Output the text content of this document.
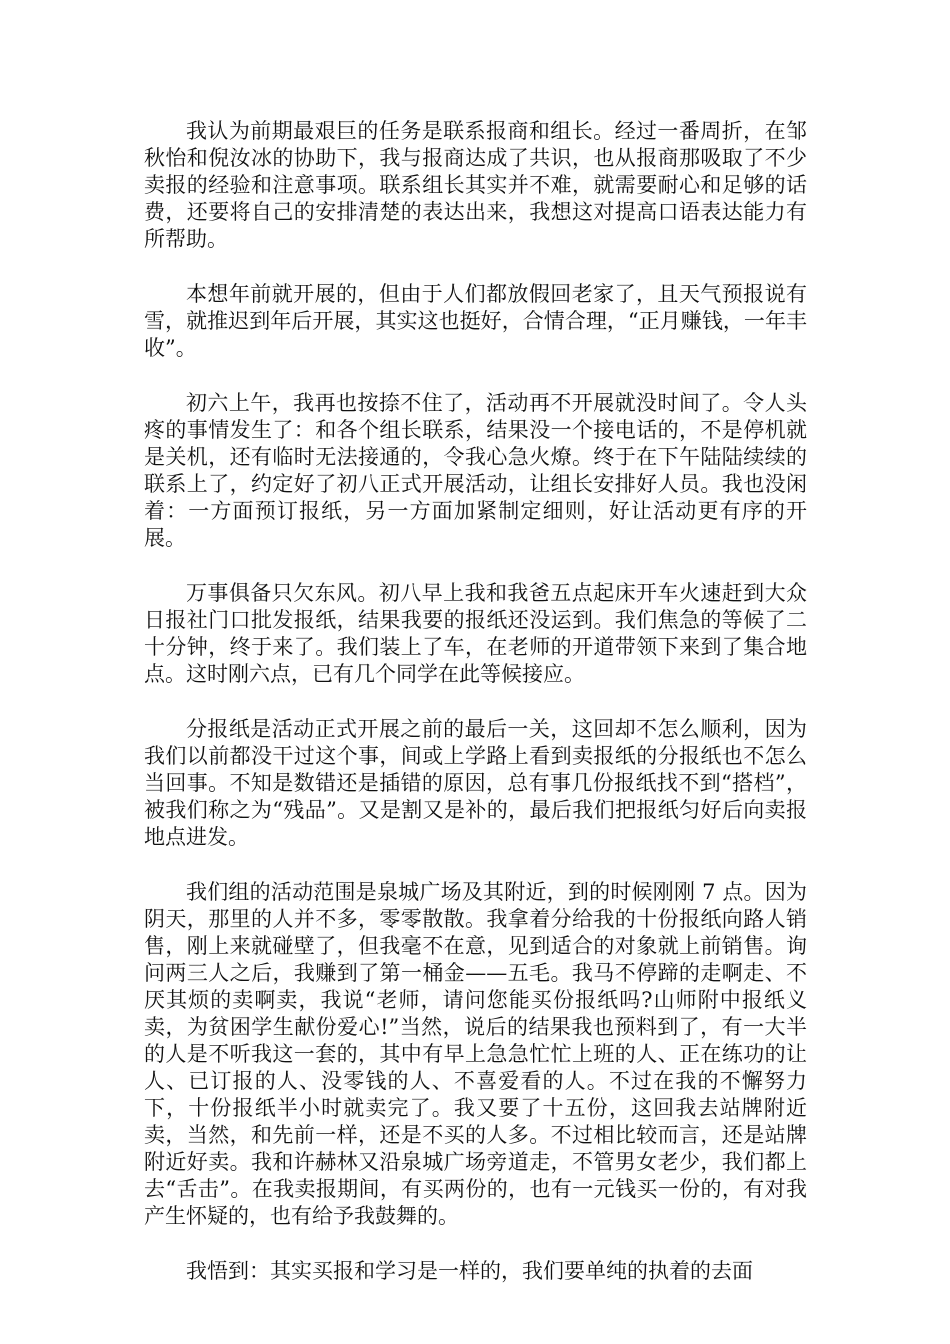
我认为前期最艰巨的任务是联系报商和组长。经过一番周折，在邹秋怡和倪汝冰的协助下，我与报商达成了共识，也从报商那吸取了不少卖报的经验和注意事项。联系组长其实并不难，就需要耐心和足够的话费，还要将自己的安排清楚的表达出来，我想这对提高口语表达能力有所帮助。

本想年前就开展的，但由于人们都放假回老家了，且天气预报说有雪，就推迟到年后开展，其实这也挺好，合情合理，“正月赚钱，一年丰收”。

初六上午，我再也按捺不住了，活动再不开展就没时间了。令人头疼的事情发生了：和各个组长联系，结果没一个接电话的，不是停机就是关机，还有临时无法接通的，令我心急火燎。终于在下午陆陆续续的联系上了，约定好了初八正式开展活动，让组长安排好人员。我也没闲着：一方面预订报纸，另一方面加紧制定细则，好让活动更有序的开展。

万事俱备只欠东风。初八早上我和我爸五点起床开车火速赶到大众日报社门口批发报纸，结果我要的报纸还没运到。我们焦急的等候了二十分钟，终于来了。我们装上了车，在老师的开道带领下来到了集合地点。这时刚六点，已有几个同学在此等候接应。

分报纸是活动正式开展之前的最后一关，这回却不怎么顺利，因为我们以前都没干过这个事，间或上学路上看到卖报纸的分报纸也不怎么当回事。不知是数错还是插错的原因，总有事几份报纸找不到“搭档”，被我们称之为“残品”。又是割又是补的，最后我们把报纸匀好后向卖报地点进发。

我们组的活动范围是泉城广场及其附近，到的时候刚刚 7 点。因为阴天，那里的人并不多，零零散散。我拿着分给我的十份报纸向路人销售，刚上来就碰壁了，但我毫不在意，见到适合的对象就上前销售。询问两三人之后，我赚到了第一桶金——五毛。我马不停蹄的走啊走、不厌其烦的卖啊卖，我说“老师，请问您能买份报纸吗?山师附中报纸义卖，为贫困学生献份爱心!”当然，说后的结果我也预料到了，有一大半的人是不听我这一套的，其中有早上急急忙忙上班的人、正在练功的让人、已订报的人、没零钱的人、不喜爱看的人。不过在我的不懈努力下，十份报纸半小时就卖完了。我又要了十五份，这回我去站牌附近卖，当然，和先前一样，还是不买的人多。不过相比较而言，还是站牌附近好卖。我和许赫林又沿泉城广场旁道走，不管男女老少，我们都上去“舌击”。在我卖报期间，有买两份的，也有一元钱买一份的，有对我产生怀疑的，也有给予我鼓舞的。

我悟到：其实买报和学习是一样的，我们要单纯的执着的去面
